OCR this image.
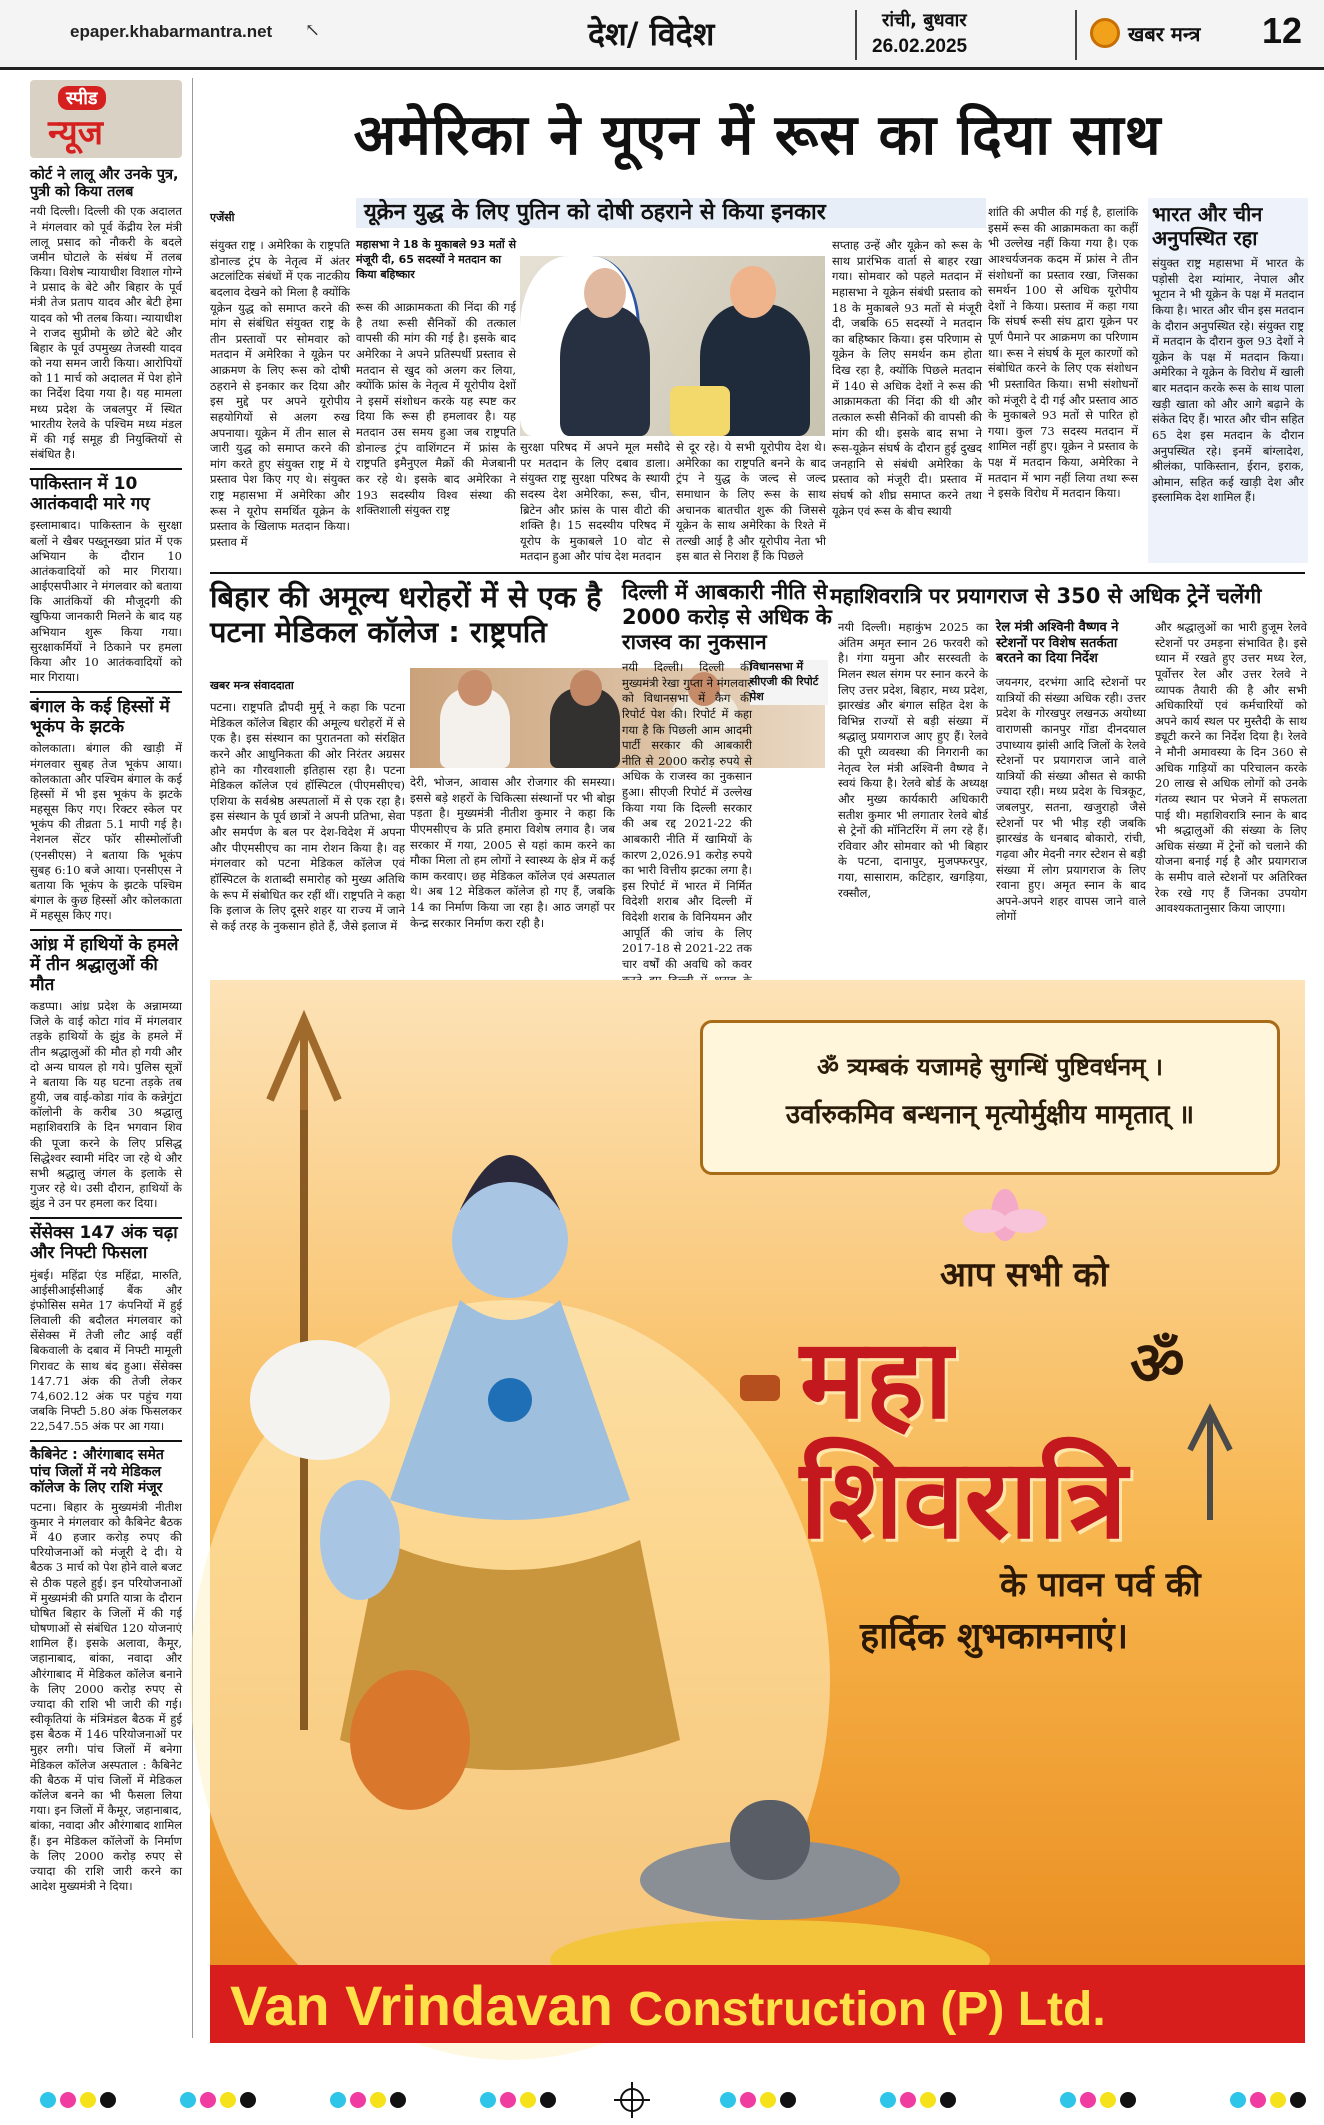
epaper.khabarmantra.net ↖	देश/ विदेश	रांची, बुधवार
26.02.2025
खबर मन्त्र 12
स्पीड
न्यूज
कोर्ट ने लालू और उनके पुत्र, पुत्री को किया तलब
नयी दिल्ली। दिल्ली की एक अदालत ने मंगलवार को पूर्व केंद्रीय रेल मंत्री लालू प्रसाद को नौकरी के बदले जमीन घोटाले के संबंध में तलब किया। विशेष न्यायाधीश विशाल गोग्ने ने प्रसाद के बेटे और बिहार के पूर्व मंत्री तेज प्रताप यादव और बेटी हेमा यादव को भी तलब किया। न्यायाधीश ने राजद सुप्रीमो के छोटे बेटे और बिहार के पूर्व उपमुख्य तेजस्वी यादव को नया समन जारी किया। आरोपियों को 11 मार्च को अदालत में पेश होने का निर्देश दिया गया है। यह मामला मध्य प्रदेश के जबलपुर में स्थित भारतीय रेलवे के पश्चिम मध्य मंडल में की गई समूह डी नियुक्तियों से संबंधित है।
पाकिस्तान में 10 आतंकवादी मारे गए
इस्लामाबाद। पाकिस्तान के सुरक्षा बलों ने खैबर पख्तूनख्वा प्रांत में एक अभियान के दौरान 10 आतंकवादियों को मार गिराया। आईएसपीआर ने मंगलवार को बताया कि आतंकियों की मौजूदगी की खुफिया जानकारी मिलने के बाद यह अभियान शुरू किया गया। सुरक्षाकर्मियों ने ठिकाने पर हमला किया और 10 आतंकवादियों को मार गिराया।
बंगाल के कई हिस्सों में भूकंप के झटके
कोलकाता। बंगाल की खाड़ी में मंगलवार सुबह तेज भूकंप आया। कोलकाता और पश्चिम बंगाल के कई हिस्सों में भी इस भूकंप के झटके महसूस किए गए। रिक्टर स्केल पर भूकंप की तीव्रता 5.1 मापी गई है। नेशनल सेंटर फॉर सीस्मोलॉजी (एनसीएस) ने बताया कि भूकंप सुबह 6:10 बजे आया। एनसीएस ने बताया कि भूकंप के झटके पश्चिम बंगाल के कुछ हिस्सों और कोलकाता में महसूस किए गए।
आंध्र में हाथियों के हमले में तीन श्रद्धालुओं की मौत
कडप्पा। आंध्र प्रदेश के अन्नामय्या जिले के वाई कोटा गांव में मंगलवार तड़के हाथियों के झुंड के हमले में तीन श्रद्धालुओं की मौत हो गयी और दो अन्य घायल हो गये। पुलिस सूत्रों ने बताया कि यह घटना तड़के तब हुयी, जब वाई-कोडा गांव के कन्नेगुंटा कॉलोनी के करीब 30 श्रद्धालु महाशिवरात्रि के दिन भगवान शिव की पूजा करने के लिए प्रसिद्ध सिद्धेश्वर स्वामी मंदिर जा रहे थे और सभी श्रद्धालु जंगल के इलाके से गुजर रहे थे। उसी दौरान, हाथियों के झुंड ने उन पर हमला कर दिया।
सेंसेक्स 147 अंक चढ़ा और निफ्टी फिसला
मुंबई। महिंद्रा एंड महिंद्रा, मारुति, आईसीआईसीआई बैंक और इंफोसिस समेत 17 कंपनियों में हुई लिवाली की बदौलत मंगलवार को सेंसेक्स में तेजी लौट आई वहीं बिकवाली के दबाव में निफ्टी मामूली गिरावट के साथ बंद हुआ। सेंसेक्स 147.71 अंक की तेजी लेकर 74,602.12 अंक पर पहुंच गया जबकि निफ्टी 5.80 अंक फिसलकर 22,547.55 अंक पर आ गया।
कैबिनेट : औरंगाबाद समेत पांच जिलों में नये मेडिकल कॉलेज के लिए राशि मंजूर
पटना। बिहार के मुख्यमंत्री नीतीश कुमार ने मंगलवार को कैबिनेट बैठक में 40 हजार करोड़ रुपए की परियोजनाओं को मंजूरी दे दी। ये बैठक 3 मार्च को पेश होने वाले बजट से ठीक पहले हुई। इन परियोजनाओं में मुख्यमंत्री की प्रगति यात्रा के दौरान घोषित बिहार के जिलों में की गई घोषणाओं से संबंधित 120 योजनाएं शामिल हैं। इसके अलावा, कैमूर, जहानाबाद, बांका, नवादा और औरंगाबाद में मेडिकल कॉलेज बनाने के लिए 2000 करोड़ रुपए से ज्यादा की राशि भी जारी की गई। स्वीकृतियां के मंत्रिमंडल बैठक में हुई इस बैठक में 146 परियोजनाओं पर मुहर लगी। पांच जिलों में बनेगा मेडिकल कॉलेज अस्पताल : कैबिनेट की बैठक में पांच जिलों में मेडिकल कॉलेज बनने का भी फैसला लिया गया। इन जिलों में कैमूर, जहानाबाद, बांका, नवादा और औरंगाबाद शामिल हैं। इन मेडिकल कॉलेजों के निर्माण के लिए 2000 करोड़ रुपए से ज्यादा की राशि जारी करने का आदेश मुख्यमंत्री ने दिया।
अमेरिका ने यूएन में रूस का दिया साथ
एजेंसी	यूक्रेन युद्ध के लिए पुतिन को दोषी ठहराने से किया इनकार
संयुक्त राष्ट्र । अमेरिका के राष्ट्रपति डोनाल्ड ट्रंप के नेतृत्व में अंतर अटलांटिक संबंधों में एक नाटकीय बदलाव देखने को मिला है क्योंकि यूक्रेन युद्ध को समाप्त करने की मांग से संबंधित संयुक्त राष्ट्र के तीन प्रस्तावों पर सोमवार को मतदान में अमेरिका ने यूक्रेन पर आक्रमण के लिए रूस को दोषी ठहराने से इनकार कर दिया और इस मुद्दे पर अपने यूरोपीय सहयोगियों से अलग रुख अपनाया। यूक्रेन में तीन साल से जारी युद्ध को समाप्त करने की मांग करते हुए संयुक्त राष्ट्र में ये प्रस्ताव पेश किए गए थे। संयुक्त राष्ट्र महासभा में अमेरिका और रूस ने यूरोप समर्थित यूक्रेन के प्रस्ताव के खिलाफ मतदान किया। प्रस्ताव में
महासभा ने 18 के मुकाबले 93 मतों से मंजूरी दी, 65 सदस्यों ने मतदान का किया बहिष्कार
रूस की आक्रामकता की निंदा की गई है तथा रूसी सैनिकों की तत्काल वापसी की मांग की गई है। इसके बाद अमेरिका ने अपने प्रतिस्पर्धी प्रस्ताव से मतदान से खुद को अलग कर लिया, क्योंकि फ्रांस के नेतृत्व में यूरोपीय देशों ने इसमें संशोधन करके यह स्पष्ट कर दिया कि रूस ही हमलावर है। यह मतदान उस समय हुआ जब राष्ट्रपति डोनाल्ड ट्रंप वाशिंगटन में फ्रांस के राष्ट्रपति इमैनुएल मैक्रों की मेजबानी कर रहे थे। इसके बाद अमेरिका ने 193 सदस्यीय विश्व संस्था की शक्तिशाली संयुक्त राष्ट्र
सुरक्षा परिषद में अपने मूल मसौदे पर मतदान के लिए दबाव डाला। संयुक्त राष्ट्र सुरक्षा परिषद के स्थायी सदस्य देश अमेरिका, रूस, चीन, ब्रिटेन और फ्रांस के पास वीटो की शक्ति है। 15 सदस्यीय परिषद में यूरोप के मुकाबले 10 वोट से मतदान हुआ और पांच देश मतदान
से दूर रहे। ये सभी यूरोपीय देश थे। अमेरिका का राष्ट्रपति बनने के बाद ट्रंप ने युद्ध के जल्द से जल्द समाधान के लिए रूस के साथ अचानक बातचीत शुरू की जिससे यूक्रेन के साथ अमेरिका के रिश्ते में तल्खी आई है और यूरोपीय नेता भी इस बात से निराश हैं कि पिछले
सप्ताह उन्हें और यूक्रेन को रूस के साथ प्रारंभिक वार्ता से बाहर रखा गया। सोमवार को पहले मतदान में महासभा ने यूक्रेन संबंधी प्रस्ताव को 18 के मुकाबले 93 मतों से मंजूरी दी, जबकि 65 सदस्यों ने मतदान का बहिष्कार किया। इस परिणाम से यूक्रेन के लिए समर्थन कम होता दिख रहा है, क्योंकि पिछले मतदान में 140 से अधिक देशों ने रूस की आक्रामकता की निंदा की थी और तत्काल रूसी सैनिकों की वापसी की मांग की थी। इसके बाद सभा ने रूस-यूक्रेन संघर्ष के दौरान हुई दुखद जनहानि से संबंधी अमेरिका के प्रस्ताव को मंजूरी दी। प्रस्ताव में संघर्ष को शीघ्र समाप्त करने तथा यूक्रेन एवं रूस के बीच स्थायी
शांति की अपील की गई है, हालांकि इसमें रूस की आक्रामकता का कहीं भी उल्लेख नहीं किया गया है। एक आश्चर्यजनक कदम में फ्रांस ने तीन संशोधनों का प्रस्ताव रखा, जिसका समर्थन 100 से अधिक यूरोपीय देशों ने किया। प्रस्ताव में कहा गया कि संघर्ष रूसी संघ द्वारा यूक्रेन पर पूर्ण पैमाने पर आक्रमण का परिणाम था। रूस ने संघर्ष के मूल कारणों को संबोधित करने के लिए एक संशोधन भी प्रस्तावित किया। सभी संशोधनों को मंजूरी दे दी गई और प्रस्ताव आठ के मुकाबले 93 मतों से पारित हो गया। कुल 73 सदस्य मतदान में शामिल नहीं हुए। यूक्रेन ने प्रस्ताव के पक्ष में मतदान किया, अमेरिका ने मतदान में भाग नहीं लिया तथा रूस ने इसके विरोध में मतदान किया।
भारत और चीन अनुपस्थित रहा
संयुक्त राष्ट्र महासभा में भारत के पड़ोसी देश म्यांमार, नेपाल और भूटान ने भी यूक्रेन के पक्ष में मतदान किया है। भारत और चीन इस मतदान के दौरान अनुपस्थित रहे। संयुक्त राष्ट्र में मतदान के दौरान कुल 93 देशों ने यूक्रेन के पक्ष में मतदान किया। अमेरिका ने यूक्रेन के विरोध में खाली बार मतदान करके रूस के साथ पाला खड़ी खाता को और आगे बढ़ाने के संकेत दिए हैं। भारत और चीन सहित 65 देश इस मतदान के दौरान अनुपस्थित रहे। इनमें बांग्लादेश, श्रीलंका, पाकिस्तान, ईरान, इराक, ओमान, सहित कई खाड़ी देश और इस्लामिक देश शामिल हैं।
महाशिवरात्रि पर प्रयागराज से 350 से अधिक ट्रेनें चलेंगी
बिहार की अमूल्य धरोहरों में से एक है पटना मेडिकल कॉलेज : राष्ट्रपति
खबर मन्त्र संवाददाता
पटना। राष्ट्रपति द्रौपदी मुर्मू ने कहा कि पटना मेडिकल कॉलेज बिहार की अमूल्य धरोहरों में से एक है। इस संस्थान का पुरातनता को संरक्षित करने और आधुनिकता की ओर निरंतर अग्रसर होने का गौरवशाली इतिहास रहा है। पटना मेडिकल कॉलेज एवं हॉस्पिटल (पीएमसीएच) एशिया के सर्वश्रेष्ठ अस्पतालों में से एक रहा है। इस संस्थान के पूर्व छात्रों ने अपनी प्रतिभा, सेवा और समर्पण के बल पर देश-विदेश में अपना और पीएमसीएच का नाम रोशन किया है। वह मंगलवार को पटना मेडिकल कॉलेज एवं हॉस्पिटल के शताब्दी समारोह को मुख्य अतिथि के रूप में संबोधित कर रहीं थीं। राष्ट्रपति ने कहा कि इलाज के लिए दूसरे शहर या राज्य में जाने से कई तरह के नुकसान होते हैं, जैसे इलाज में
देरी, भोजन, आवास और रोजगार की समस्या। इससे बड़े शहरों के चिकित्सा संस्थानों पर भी बोझ पड़ता है। मुख्यमंत्री नीतीश कुमार ने कहा कि पीएमसीएच के प्रति हमारा विशेष लगाव है। जब सरकार में गया, 2005 से यहां काम करने का मौका मिला तो हम लोगों ने स्वास्थ्य के क्षेत्र में कई काम करवाए। छह मेडिकल कॉलेज एवं अस्पताल थे। अब 12 मेडिकल कॉलेज हो गए हैं, जबकि 14 का निर्माण किया जा रहा है। आठ जगहों पर केन्द्र सरकार निर्माण करा रही है।
दिल्ली में आबकारी नीति से 2000 करोड़ से अधिक के राजस्व का नुकसान
विधानसभा में सीएजी की रिपोर्ट पेश
नयी दिल्ली। दिल्ली की मुख्यमंत्री रेखा गुप्ता ने मंगलवार को विधानसभा में कैग की रिपोर्ट पेश की। रिपोर्ट में कहा गया है कि पिछली आम आदमी पार्टी सरकार की आबकारी नीति से 2000 करोड़ रुपये से अधिक के राजस्व का नुकसान हुआ। सीएजी रिपोर्ट में उल्लेख किया गया कि दिल्ली सरकार की अब रद्द 2021-22 की आबकारी नीति में खामियों के कारण 2,026.91 करोड़ रुपये का भारी वित्तीय झटका लगा है। इस रिपोर्ट में भारत में निर्मित विदेशी शराब और दिल्ली में विदेशी शराब के विनियमन और आपूर्ति की जांच के लिए 2017-18 से 2021-22 तक चार वर्षों की अवधि को कवर
नयी दिल्ली। महाकुंभ 2025 का अंतिम अमृत स्नान 26 फरवरी को है। गंगा यमुना और सरस्वती के मिलन स्थल संगम पर स्नान करने के लिए उत्तर प्रदेश, बिहार, मध्य प्रदेश, झारखंड और बंगाल सहित देश के विभिन्न राज्यों से बड़ी संख्या में श्रद्धालु प्रयागराज आए हुए हैं। रेलवे की पूरी व्यवस्था की निगरानी का नेतृत्व रेल मंत्री अश्विनी वैष्णव ने स्वयं किया है। रेलवे बोर्ड के अध्यक्ष और मुख्य कार्यकारी अधिकारी सतीश कुमार भी लगातार रेलवे बोर्ड से ट्रेनों की मॉनिटरिंग में लग रहे हैं। रविवार और सोमवार को भी बिहार के पटना, दानापुर, मुजफ्फरपुर, गया, सासाराम, कटिहार, खगड़िया, रक्सौल,
रेल मंत्री अश्विनी वैष्णव ने स्टेशनों पर विशेष सतर्कता बरतने का दिया निर्देश
जयनगर, दरभंगा आदि स्टेशनों पर यात्रियों की संख्या अधिक रही। उत्तर प्रदेश के गोरखपुर लखनऊ अयोध्या वाराणसी कानपुर गोंडा दीनदयाल उपाध्याय झांसी आदि जिलों के रेलवे स्टेशनों पर प्रयागराज जाने वाले यात्रियों की संख्या औसत से काफी ज्यादा रही। मध्य प्रदेश के चित्रकूट, जबलपुर, सतना, खजुराहो जैसे स्टेशनों पर भी भीड़ रही जबकि झारखंड के धनबाद बोकारो, रांची, गढ़वा और मेदनी नगर स्टेशन से बड़ी संख्या में लोग प्रयागराज के लिए रवाना हुए। अमृत स्नान के बाद अपने-अपने शहर वापस जाने वाले लोगों
और श्रद्धालुओं का भारी हुजूम रेलवे स्टेशनों पर उमड़ना संभावित है। इसे ध्यान में रखते हुए उत्तर मध्य रेल, पूर्वोत्तर रेल और उत्तर रेलवे ने व्यापक तैयारी की है और सभी अधिकारियों एवं कर्मचारियों को अपने कार्य स्थल पर मुस्तैदी के साथ ड्यूटी करने का निर्देश दिया है। रेलवे ने मौनी अमावस्या के दिन 360 से अधिक गाड़ियों का परिचालन करके 20 लाख से अधिक लोगों को उनके गंतव्य स्थान पर भेजने में सफलता पाई थी। महाशिवरात्रि स्नान के बाद भी श्रद्धालुओं की संख्या के लिए अधिक संख्या में ट्रेनों को चलाने की योजना बनाई गई है और प्रयागराज के समीप वाले स्टेशनों पर अतिरिक्त रेक रखे गए हैं जिनका उपयोग आवश्यकतानुसार किया जाएगा।
ॐ त्र्यम्बकं यजामहे सुगन्धिं पुष्टिवर्धनम् ।
उर्वारुकमिव बन्धनान् मृत्योर्मुक्षीय मामृतात् ॥
आप सभी को
महा	ॐ
शिवरात्रि
के पावन पर्व की
हार्दिक शुभकामनाएं।
Van Vrindavan Construction (P) Ltd.
